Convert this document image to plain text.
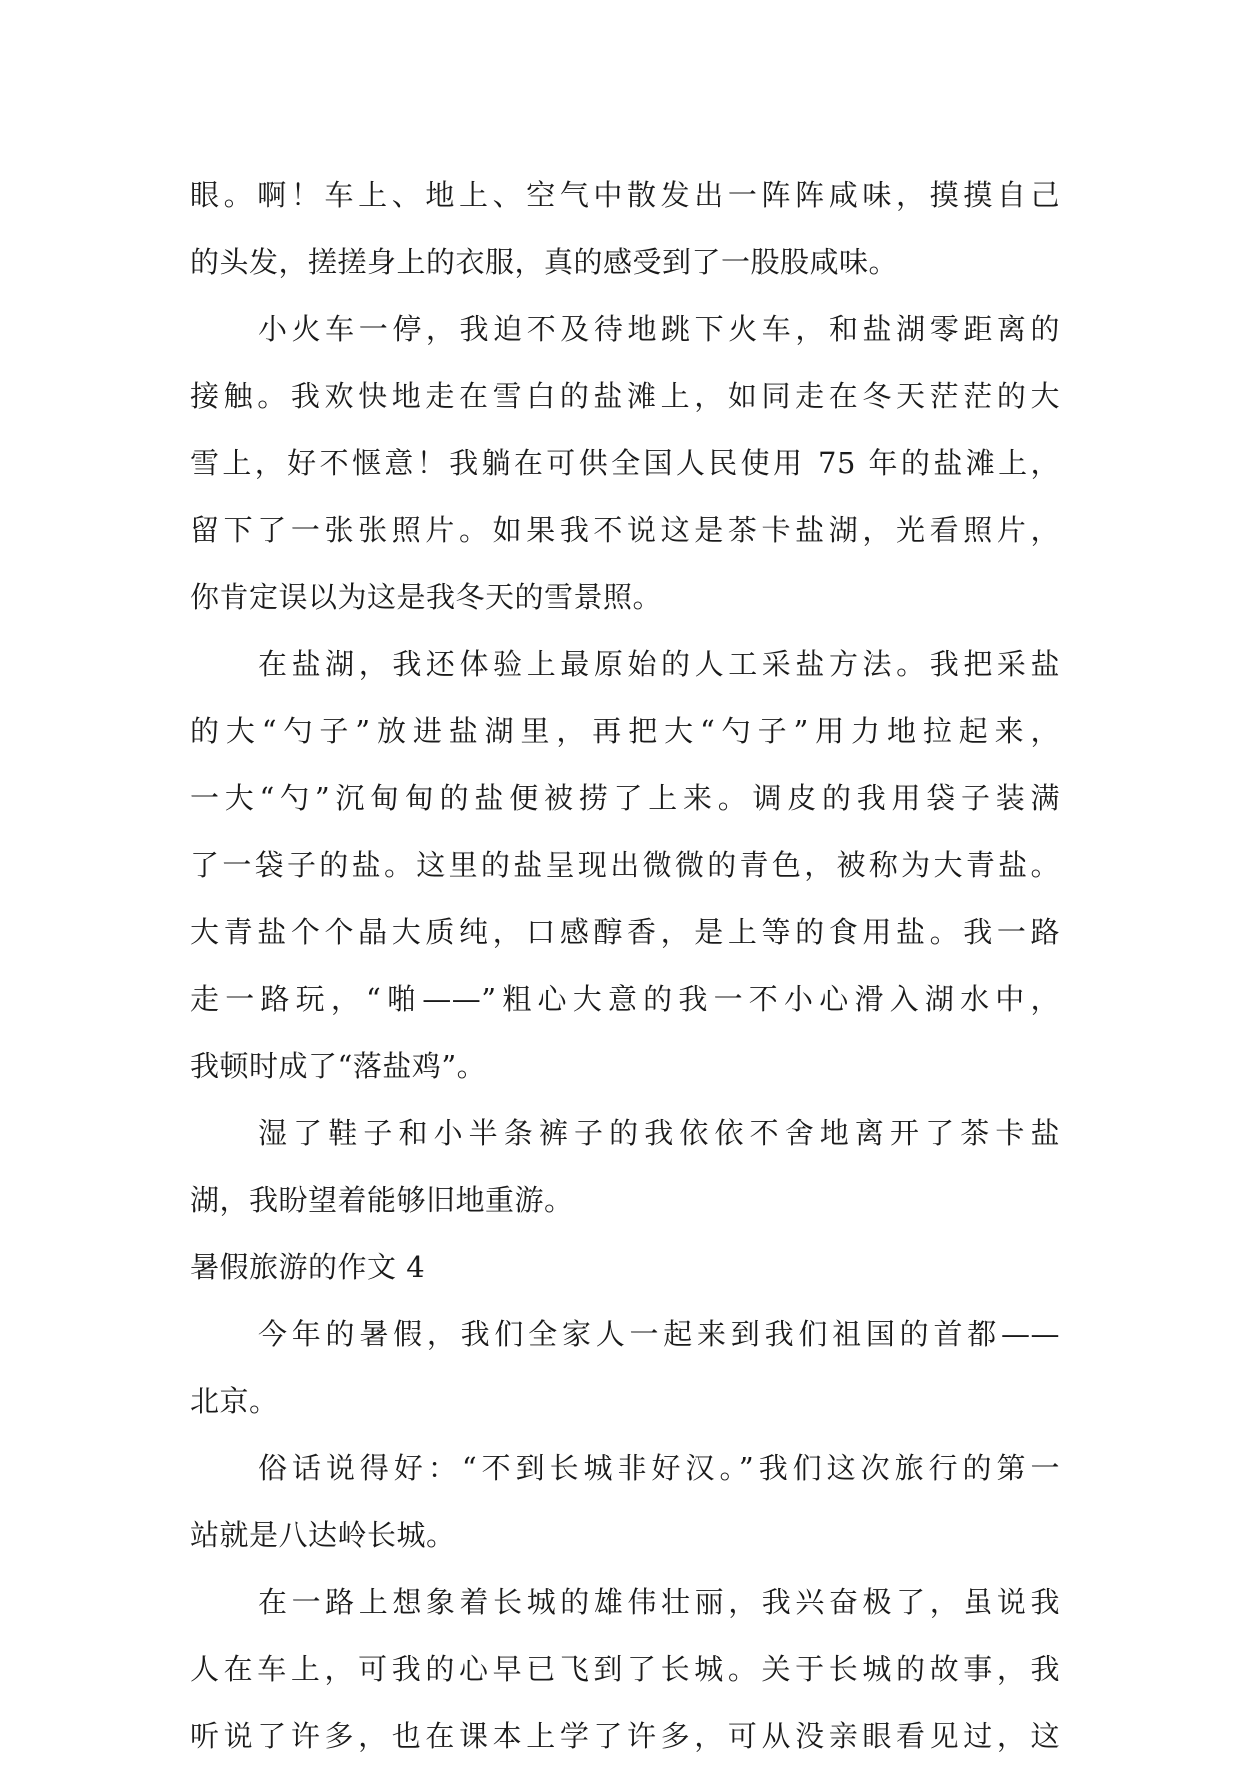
眼。啊！车上、地上、空气中散发出一阵阵咸味，摸摸自己
的头发，搓搓身上的衣服，真的感受到了一股股咸味。
小火车一停，我迫不及待地跳下火车，和盐湖零距离的
接触。我欢快地走在雪白的盐滩上，如同走在冬天茫茫的大
雪上，好不惬意！我躺在可供全国人民使用 75 年的盐滩上，
留下了一张张照片。如果我不说这是茶卡盐湖，光看照片，
你肯定误以为这是我冬天的雪景照。
在盐湖，我还体验上最原始的人工采盐方法。我把采盐
的大“勺子”放进盐湖里，再把大“勺子”用力地拉起来，
一大“勺”沉甸甸的盐便被捞了上来。调皮的我用袋子装满
了一袋子的盐。这里的盐呈现出微微的青色，被称为大青盐。
大青盐个个晶大质纯，口感醇香，是上等的食用盐。我一路
走一路玩，“啪——”粗心大意的我一不小心滑入湖水中，
我顿时成了“落盐鸡”。
湿了鞋子和小半条裤子的我依依不舍地离开了茶卡盐
湖，我盼望着能够旧地重游。
暑假旅游的作文 4
今年的暑假，我们全家人一起来到我们祖国的首都——
北京。
俗话说得好：“不到长城非好汉。”我们这次旅行的第一
站就是八达岭长城。
在一路上想象着长城的雄伟壮丽，我兴奋极了，虽说我
人在车上，可我的心早已飞到了长城。关于长城的故事，我
听说了许多，也在课本上学了许多，可从没亲眼看见过，这
